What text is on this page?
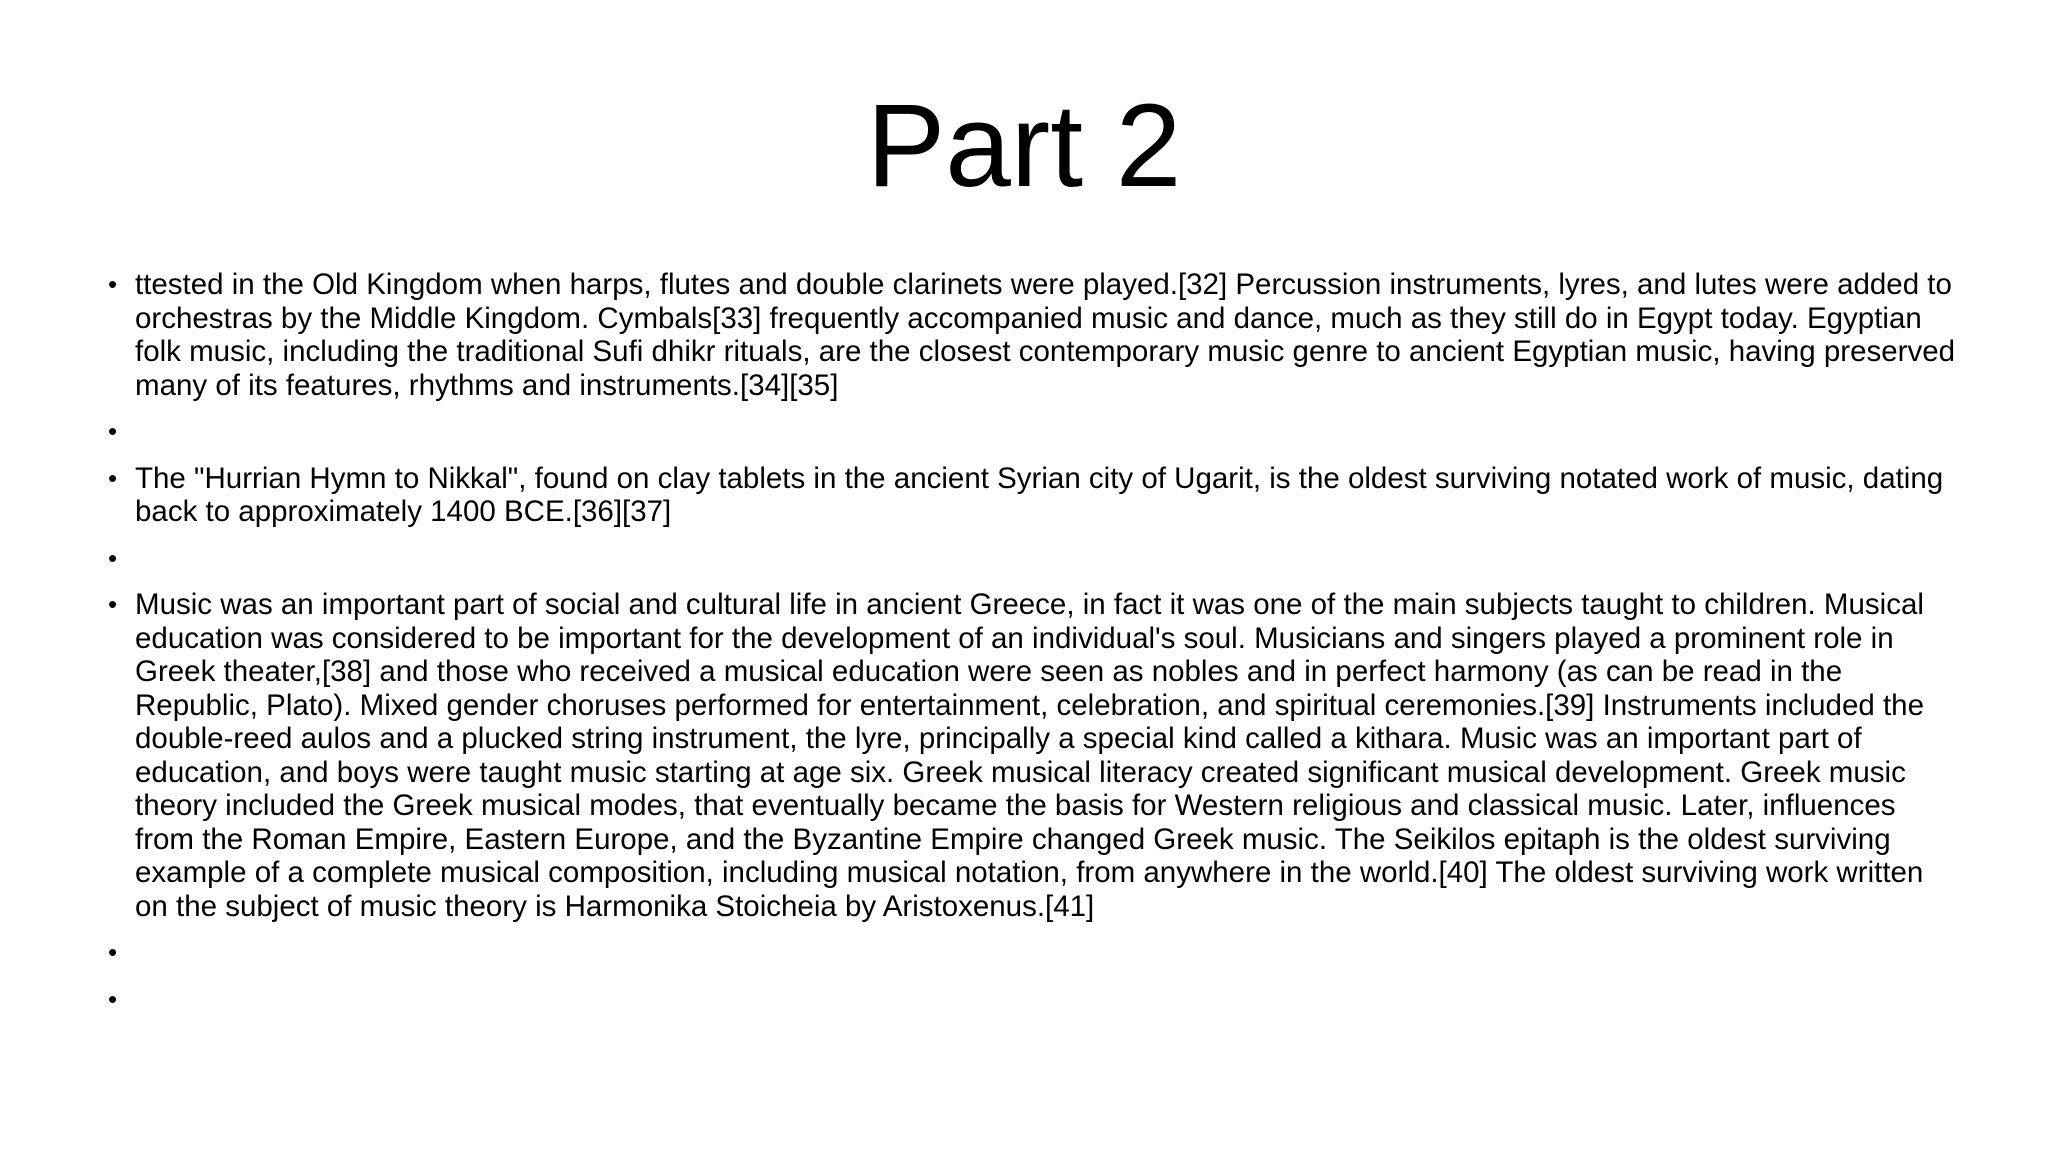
Part 2
• ttested in the Old Kingdom when harps, flutes and double clarinets were played.[32] Percussion instruments, lyres, and lutes were added to orchestras by the Middle Kingdom. Cymbals[33] frequently accompanied music and dance, much as they still do in Egypt today. Egyptian folk music, including the traditional Sufi dhikr rituals, are the closest contemporary music genre to ancient Egyptian music, having preserved many of its features, rhythms and instruments.[34][35]
•
• The "Hurrian Hymn to Nikkal", found on clay tablets in the ancient Syrian city of Ugarit, is the oldest surviving notated work of music, dating back to approximately 1400 BCE.[36][37]
•
• Music was an important part of social and cultural life in ancient Greece, in fact it was one of the main subjects taught to children. Musical education was considered to be important for the development of an individual's soul. Musicians and singers played a prominent role in Greek theater,[38] and those who received a musical education were seen as nobles and in perfect harmony (as can be read in the Republic, Plato). Mixed gender choruses performed for entertainment, celebration, and spiritual ceremonies.[39] Instruments included the double-reed aulos and a plucked string instrument, the lyre, principally a special kind called a kithara. Music was an important part of education, and boys were taught music starting at age six. Greek musical literacy created significant musical development. Greek music theory included the Greek musical modes, that eventually became the basis for Western religious and classical music. Later, influences from the Roman Empire, Eastern Europe, and the Byzantine Empire changed Greek music. The Seikilos epitaph is the oldest surviving example of a complete musical composition, including musical notation, from anywhere in the world.[40] The oldest surviving work written on the subject of music theory is Harmonika Stoicheia by Aristoxenus.[41]
•
•
